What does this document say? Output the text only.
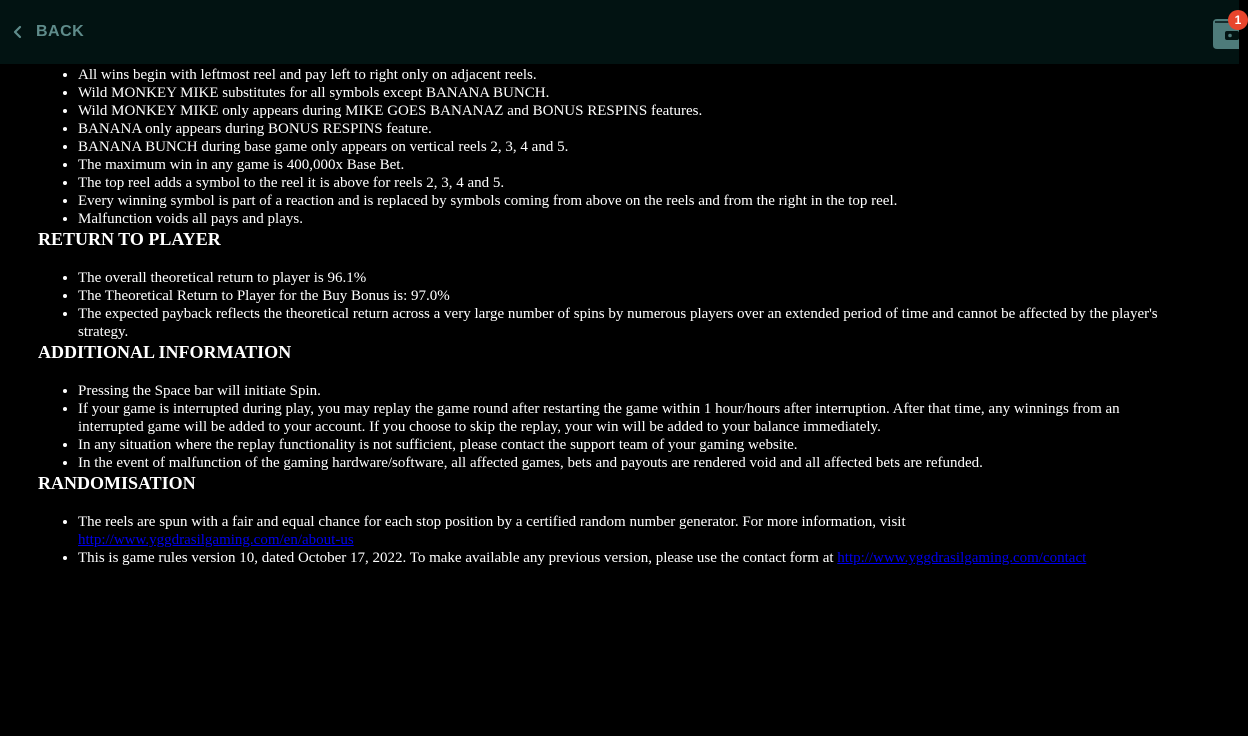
• All wins begin with leftmost reel and pay left to right only on adjacent reels.
• Wild MONKEY MIKE substitutes for all symbols except BANANA BUNCH.
• Wild MONKEY MIKE only appears during MIKE GOES BANANAZ and BONUS RESPINS features.
• BANANA only appears during BONUS RESPINS feature.
• BANANA BUNCH during base game only appears on vertical reels 2, 3, 4 and 5.
• The maximum win in any game is 400,000x Base Bet.
• The top reel adds a symbol to the reel it is above for reels 2, 3, 4 and 5.
• Every winning symbol is part of a reaction and is replaced by symbols coming from above on the reels and from the right in the top reel.
• Malfunction voids all pays and plays.
RETURN TO PLAYER
• The overall theoretical return to player is 96.1%
• The Theoretical Return to Player for the Buy Bonus is: 97.0%
• The expected payback reflects the theoretical return across a very large number of spins by numerous players over an extended period of time and cannot be affected by the player's strategy.
ADDITIONAL INFORMATION
• Pressing the Space bar will initiate Spin.
• If your game is interrupted during play, you may replay the game round after restarting the game within 1 hour/hours after interruption. After that time, any winnings from an interrupted game will be added to your account. If you choose to skip the replay, your win will be added to your balance immediately.
• In any situation where the replay functionality is not sufficient, please contact the support team of your gaming website.
• In the event of malfunction of the gaming hardware/software, all affected games, bets and payouts are rendered void and all affected bets are refunded.
RANDOMISATION
• The reels are spun with a fair and equal chance for each stop position by a certified random number generator. For more information, visit http://www.yggdrasilgaming.com/en/about-us
• This is game rules version 10, dated October 17, 2022. To make available any previous version, please use the contact form at http://www.yggdrasilgaming.com/contact
BACK
1
